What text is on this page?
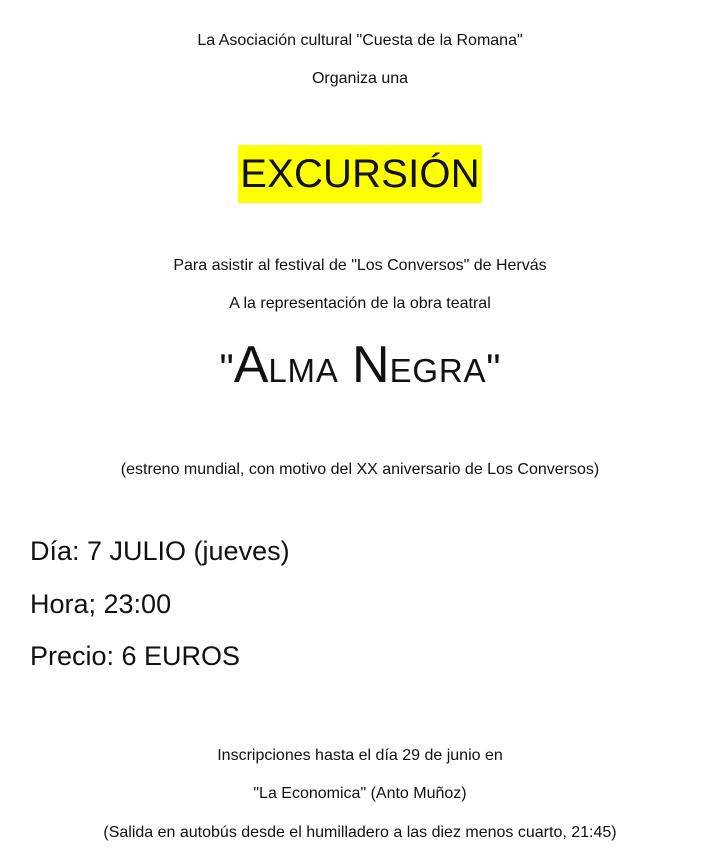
La Asociación cultural "Cuesta de la Romana"
Organiza una
EXCURSIÓN
Para asistir al festival de "Los Conversos" de Hervás
A la representación de la obra teatral
"ALMA NEGRA"
(estreno mundial, con motivo del XX aniversario de Los Conversos)
Día: 7 JULIO (jueves)
Hora; 23:00
Precio: 6 EUROS
Inscripciones hasta el día 29 de junio en
"La Economica" (Anto Muñoz)
(Salida en autobús desde el humilladero a las diez menos cuarto, 21:45)
